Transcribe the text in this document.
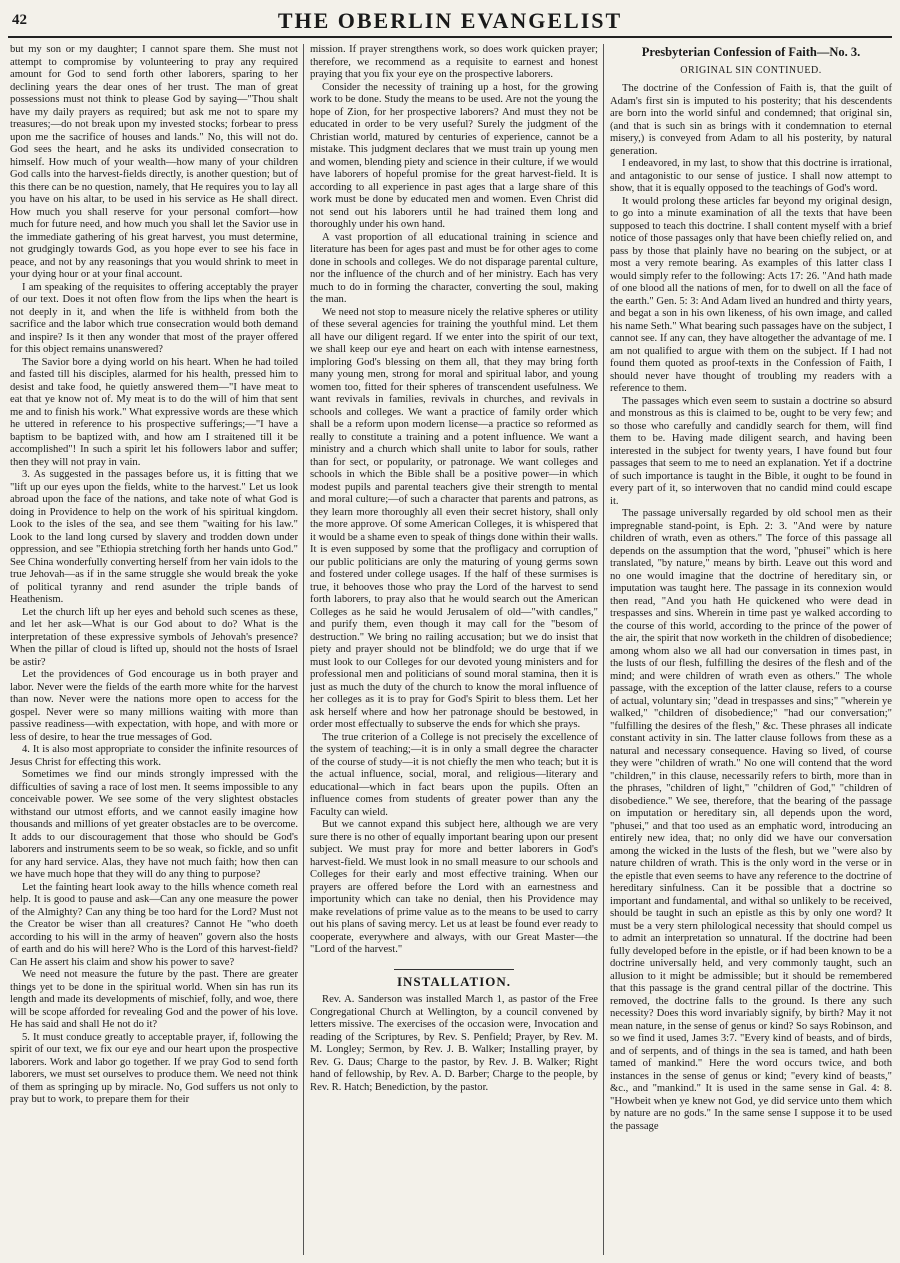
42	THE OBERLIN EVANGELIST

but my son or my daughter; I cannot spare them. She must not attempt to compromise by volunteering to pray any required amount for God to send forth other laborers, sparing to her declining years the dear ones of her trust. The man of great possessions must not think to please God by saying—"Thou shalt have my daily prayers as required; but ask me not to spare my treasures;—do not break upon my invested stocks; forbear to press upon me the sacrifice of houses and lands." No, this will not do. God sees the heart, and he asks its undivided consecration to himself. How much of your wealth—how many of your children God calls into the harvest-fields directly, is another question; but of this there can be no question, namely, that He requires you to lay all you have on his altar, to be used in his service as He shall direct. How much you shall reserve for your personal comfort—how much for future need, and how much you shall let the Savior use in the immediate gathering of his great harvest, you must determine, not grudgingly towards God, as you hope ever to see his face in peace, and not by any reasonings that you would shrink to meet in your dying hour or at your final account.

I am speaking of the requisites to offering acceptably the prayer of our text. Does it not often flow from the lips when the heart is not deeply in it, and when the life is withheld from both the sacrifice and the labor which true consecration would both demand and inspire? Is it then any wonder that most of the prayer offered for this object remains unanswered?

The Savior bore a dying world on his heart. When he had toiled and fasted till his disciples, alarmed for his health, pressed him to desist and take food, he quietly answered them—"I have meat to eat that ye know not of. My meat is to do the will of him that sent me and to finish his work." What expressive words are these which he uttered in reference to his prospective sufferings;—"I have a baptism to be baptized with, and how am I straitened till it be accomplished"! In such a spirit let his followers labor and suffer; then they will not pray in vain.

3. As suggested in the passages before us, it is fitting that we "lift up our eyes upon the fields, white to the harvest." Let us look abroad upon the face of the nations, and take note of what God is doing in Providence to help on the work of his spiritual kingdom. Look to the isles of the sea, and see them "waiting for his law." Look to the land long cursed by slavery and trodden down under oppression, and see "Ethiopia stretching forth her hands unto God." See China wonderfully converting herself from her vain idols to the true Jehovah—as if in the same struggle she would break the yoke of political tyranny and rend asunder the triple bands of Heathenism.

Let the church lift up her eyes and behold such scenes as these, and let her ask—What is our God about to do? What is the interpretation of these expressive symbols of Jehovah's presence? When the pillar of cloud is lifted up, should not the hosts of Israel be astir?

Let the providences of God encourage us in both prayer and labor. Never were the fields of the earth more white for the harvest than now. Never were the nations more open to access for the gospel. Never were so many millions waiting with more than passive readiness—with expectation, with hope, and with more or less of desire, to hear the true messages of God.

4. It is also most appropriate to consider the infinite resources of Jesus Christ for effecting this work.

Sometimes we find our minds strongly impressed with the difficulties of saving a race of lost men. It seems impossible to any conceivable power. We see some of the very slightest obstacles withstand our utmost efforts, and we cannot easily imagine how thousands and millions of yet greater obstacles are to be overcome. It adds to our discouragement that those who should be God's laborers and instruments seem to be so weak, so fickle, and so unfit for any hard service. Alas, they have not much faith; how then can we have much hope that they will do any thing to purpose?

Let the fainting heart look away to the hills whence cometh real help. It is good to pause and ask—Can any one measure the power of the Almighty? Can any thing be too hard for the Lord? Must not the Creator be wiser than all creatures? Cannot He "who doeth according to his will in the army of heaven" govern also the hosts of earth and do his will here? Who is the Lord of this harvest-field? Can He assert his claim and show his power to save?

We need not measure the future by the past. There are greater things yet to be done in the spiritual world. When sin has run its length and made its developments of mischief, folly, and woe, there will be scope afforded for revealing God and the power of his love. He has said and shall He not do it?

5. It must conduce greatly to acceptable prayer, if, following the spirit of our text, we fix our eye and our heart upon the prospective laborers. Work and labor go together. If we pray God to send forth laborers, we must set ourselves to produce them. We need not think of them as springing up by miracle. No, God suffers us not only to pray but to work, to prepare them for their

mission. If prayer strengthens work, so does work quicken prayer; therefore, we recommend as a requisite to earnest and honest praying that you fix your eye on the prospective laborers.

Consider the necessity of training up a host, for the growing work to be done. Study the means to be used. Are not the young the hope of Zion, for her prospective laborers? And must they not be educated in order to be very useful? Surely the judgment of the Christian world, matured by centuries of experience, cannot be a mistake. This judgment declares that we must train up young men and women, blending piety and science in their culture, if we would have laborers of hopeful promise for the great harvest-field. It is according to all experience in past ages that a large share of this work must be done by educated men and women. Even Christ did not send out his laborers until he had trained them long and thoroughly under his own hand.

A vast proportion of all educational training in science and literature has been for ages past and must be for other ages to come done in schools and colleges. We do not disparage parental culture, nor the influence of the church and of her ministry. Each has very much to do in forming the character, converting the soul, making the man.

We need not stop to measure nicely the relative spheres or utility of these several agencies for training the youthful mind. Let them all have our diligent regard. If we enter into the spirit of our text, we shall keep our eye and heart on each with intense earnestness, imploring God's blessing on them all, that they may bring forth many young men, strong for moral and spiritual labor, and young women too, fitted for their spheres of transcendent usefulness. We want revivals in families, revivals in churches, and revivals in schools and colleges. We want a practice of family order which shall be a reform upon modern license—a practice so reformed as really to constitute a training and a potent influence. We want a ministry and a church which shall unite to labor for souls, rather than for sect, or popularity, or patronage. We want colleges and schools in which the Bible shall be a positive power—in which modest pupils and parental teachers give their strength to mental and moral culture;—of such a character that parents and patrons, as they learn more thoroughly all even their secret history, shall only the more approve. Of some American Colleges, it is whispered that it would be a shame even to speak of things done within their walls. It is even supposed by some that the profligacy and corruption of our public politicians are only the maturing of young germs sown and fostered under college usages. If the half of these surmises is true, it behooves those who pray the Lord of the harvest to send forth laborers, to pray also that he would search out the American Colleges as he said he would Jerusalem of old—"with candles," and purify them, even though it may call for the "besom of destruction." We bring no railing accusation; but we do insist that piety and prayer should not be blindfold; we do urge that if we must look to our Colleges for our devoted young ministers and for professional men and politicians of sound moral stamina, then it is just as much the duty of the church to know the moral influence of her colleges as it is to pray for God's Spirit to bless them. Let her ask herself where and how her patronage should be bestowed, in order most effectually to subserve the ends for which she prays.

The true criterion of a College is not precisely the excellence of the system of teaching;—it is in only a small degree the character of the course of study—it is not chiefly the men who teach; but it is the actual influence, social, moral, and religious—literary and educational—which in fact bears upon the pupils. Often an influence comes from students of greater power than any the Faculty can wield.

But we cannot expand this subject here, although we are very sure there is no other of equally important bearing upon our present subject. We must pray for more and better laborers in God's harvest-field. We must look in no small measure to our schools and Colleges for their early and most effective training. When our prayers are offered before the Lord with an earnestness and importunity which can take no denial, then his Providence may make revelations of prime value as to the means to be used to carry out his plans of saving mercy. Let us at least be found ever ready to cooperate, everywhere and always, with our Great Master—the "Lord of the harvest."

INSTALLATION.

Rev. A. Sanderson was installed March 1, as pastor of the Free Congregational Church at Wellington, by a council convened by letters missive. The exercises of the occasion were, Invocation and reading of the Scriptures, by Rev. S. Penfield; Prayer, by Rev. M. M. Longley; Sermon, by Rev. J. B. Walker; Installing prayer, by Rev. G. Daus; Charge to the pastor, by Rev. J. B. Walker; Right hand of fellowship, by Rev. A. D. Barber; Charge to the people, by Rev. R. Hatch; Benediction, by the pastor.

Presbyterian Confession of Faith—No. 3.
ORIGINAL SIN CONTINUED.

The doctrine of the Confession of Faith is, that the guilt of Adam's first sin is imputed to his posterity; that his descendents are born into the world sinful and condemned; that original sin, (and that is such sin as brings with it condemnation to eternal misery,) is conveyed from Adam to all his posterity, by natural generation.

I endeavored, in my last, to show that this doctrine is irrational, and antagonistic to our sense of justice. I shall now attempt to show, that it is equally opposed to the teachings of God's word.

It would prolong these articles far beyond my original design, to go into a minute examination of all the texts that have been supposed to teach this doctrine. I shall content myself with a brief notice of those passages only that have been chiefly relied on, and pass by those that plainly have no bearing on the subject, or at most a very remote bearing. As examples of this latter class I would simply refer to the following: Acts 17: 26. "And hath made of one blood all the nations of men, for to dwell on all the face of the earth." Gen. 5: 3: And Adam lived an hundred and thirty years, and begat a son in his own likeness, of his own image, and called his name Seth." What bearing such passages have on the subject, I cannot see. If any can, they have altogether the advantage of me. I am not qualified to argue with them on the subject. If I had not found them quoted as proof-texts in the Confession of Faith, I should never have thought of troubling my readers with a reference to them.

The passages which even seem to sustain a doctrine so absurd and monstrous as this is claimed to be, ought to be very few; and so those who carefully and candidly search for them, will find them to be. Having made diligent search, and having been interested in the subject for twenty years, I have found but four passages that seem to me to need an explanation. Yet if a doctrine of such importance is taught in the Bible, it ought to be found in every part of it, so interwoven that no candid mind could escape it.

The passage universally regarded by old school men as their impregnable stand-point, is Eph. 2: 3. "And were by nature children of wrath, even as others." The force of this passage all depends on the assumption that the word, "phusei" which is here translated, "by nature," means by birth. Leave out this word and no one would imagine that the doctrine of hereditary sin, or imputation was taught here. The passage in its connexion would then read, "And you hath He quickened who were dead in trespasses and sins. Wherein in time past ye walked according to the course of this world, according to the prince of the power of the air, the spirit that now worketh in the children of disobedience; among whom also we all had our conversation in times past, in the lusts of our flesh, fulfilling the desires of the flesh and of the mind; and were children of wrath even as others." The whole passage, with the exception of the latter clause, refers to a course of actual, voluntary sin; "dead in trespasses and sins;" "wherein ye walked," "children of disobedience;" "had our conversation;" "fulfilling the desires of the flesh," &c. These phrases all indicate constant activity in sin. The latter clause follows from these as a natural and necessary consequence. Having so lived, of course they were "children of wrath." No one will contend that the word "children," in this clause, necessarily refers to birth, more than in the phrases, "children of light," "children of God," "children of disobedience." We see, therefore, that the bearing of the passage on imputation or hereditary sin, all depends upon the word, "phusei," and that too used as an emphatic word, introducing an entirely new idea, that; no only did we have our conversation among the wicked in the lusts of the flesh, but we "were also by nature children of wrath. This is the only word in the verse or in the epistle that even seems to have any reference to the doctrine of hereditary sinfulness. Can it be possible that a doctrine so important and fundamental, and withal so unlikely to be received, should be taught in such an epistle as this by only one word? It must be a very stern philological necessity that should compel us to admit an interpretation so unnatural. If the doctrine had been fully developed before in the epistle, or if had been known to be a doctrine universally held, and very commonly taught, such an allusion to it might be admissible; but it should be remembered that this passage is the grand central pillar of the doctrine. This removed, the doctrine falls to the ground. Is there any such necessity? Does this word invariably signify, by birth? May it not mean nature, in the sense of genus or kind? So says Robinson, and so we find it used, James 3:7. "Every kind of beasts, and of birds, and of serpents, and of things in the sea is tamed, and hath been tamed of mankind." Here the word occurs twice, and both instances in the sense of genus or kind; "every kind of beasts," &c., and "mankind." It is used in the same sense in Gal. 4: 8. "Howbeit when ye knew not God, ye did service unto them which by nature are no gods." In the same sense I suppose it to be used the passage
